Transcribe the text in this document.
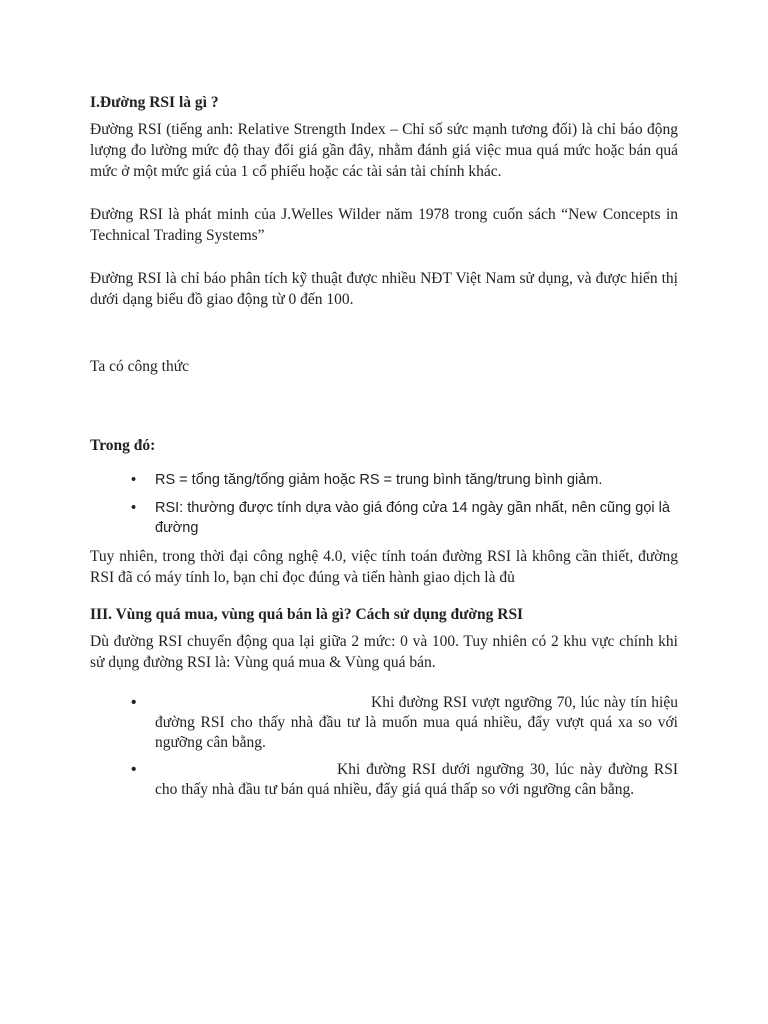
I.Đường RSI là gì ?

Đường RSI (tiếng anh: Relative Strength Index – Chỉ số sức mạnh tương đối) là chỉ báo động lượng đo lường mức độ thay đổi giá gần đây, nhằm đánh giá việc mua quá mức hoặc bán quá mức ở một mức giá của 1 cổ phiếu hoặc các tài sản tài chính khác.

Đường RSI là phát minh của J.Welles Wilder năm 1978 trong cuốn sách “New Concepts in Technical Trading Systems”

Đường RSI là chỉ báo phân tích kỹ thuật được nhiều NĐT Việt Nam sử dụng, và được hiển thị dưới dạng biểu đồ giao động từ 0 đến 100.

Ta có công thức

Trong đó:

• RS = tổng tăng/tổng giảm hoặc RS = trung bình tăng/trung bình giảm.
• RSI: thường được tính dựa vào giá đóng cửa 14 ngày gần nhất, nên cũng gọi là đường

Tuy nhiên, trong thời đại công nghệ 4.0, việc tính toán đường RSI là không cần thiết, đường RSI đã có máy tính lo, bạn chỉ đọc đúng và tiến hành giao dịch là đủ

III. Vùng quá mua, vùng quá bán là gì? Cách sử dụng đường RSI

Dù đường RSI chuyển động qua lại giữa 2 mức: 0 và 100. Tuy nhiên có 2 khu vực chính khi sử dụng đường RSI là: Vùng quá mua & Vùng quá bán.

•	Khi đường RSI vượt ngưỡng 70, lúc này tín hiệu đường RSI cho thấy nhà đầu tư là muốn mua quá nhiều, đẩy vượt quá xa so với ngưỡng cân bằng.
•	Khi đường RSI dưới ngưỡng 30, lúc này đường RSI cho thấy nhà đầu tư bán quá nhiều, đẩy giá quá thấp so với ngưỡng cân bằng.
